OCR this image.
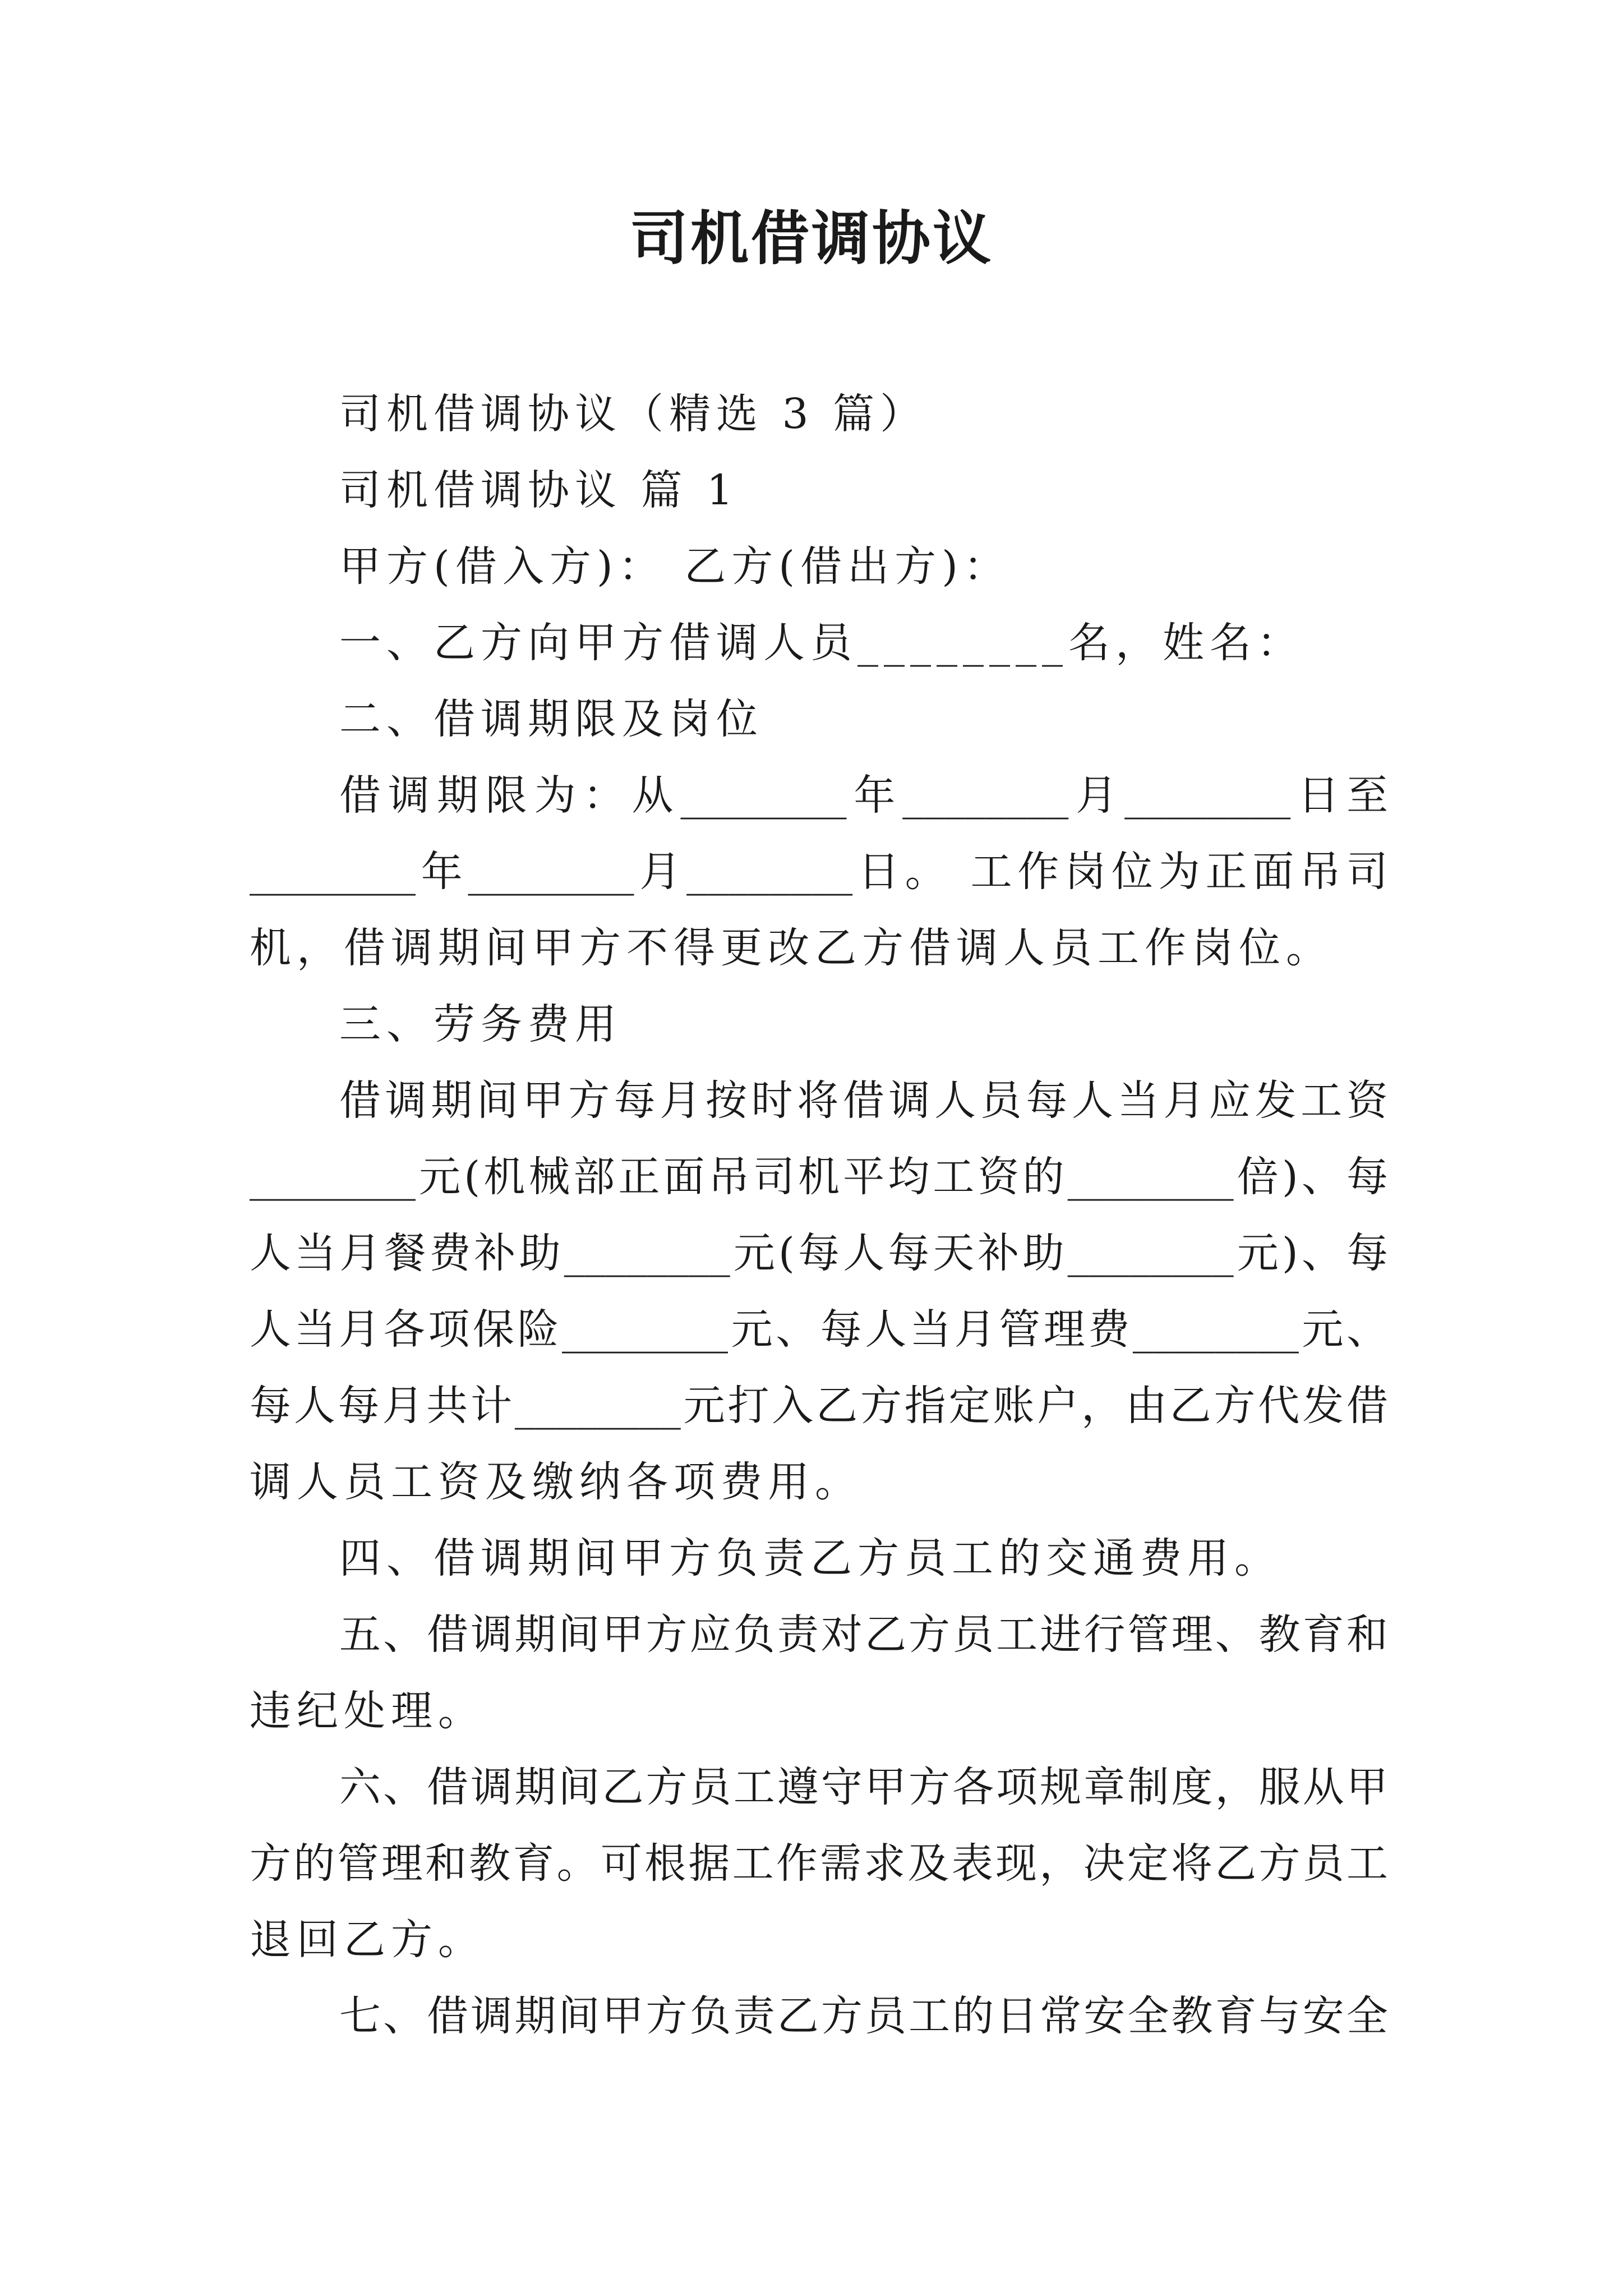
司机借调协议
司机借调协议（精选 3 篇）
司机借调协议 篇 1
甲方(借入方)： 乙方(借出方)：
一、乙方向甲方借调人员________名，姓名：
二、借调期限及岗位
借 调 期 限 为 ： 从 ________ 年 ________ 月 ________ 日 至
________ 年 ________ 月 ________ 日 。
工 作 岗 位 为 正 面 吊 司
机，借调期间甲方不得更改乙方借调人员工作岗位。
三、劳务费用
借 调 期 间 甲 方 每 月 按 时 将 借 调 人 员 每 人 当 月 应 发 工 资
________ 元 ( 机 械 部 正 面 吊 司 机 平 均 工 资 的 ________ 倍 ) 、 每
人 当 月 餐 费 补 助 ________ 元 ( 每 人 每 天 补 助 ________ 元 ) 、 每
人 当 月 各 项 保 险 ________ 元 、 每 人 当 月 管 理 费 ________ 元 、
每 人 每 月 共 计 ________ 元 打 入 乙 方 指 定 账 户 ， 由 乙 方 代 发 借
调人员工资及缴纳各项费用。
四、借调期间甲方负责乙方员工的交通费用。
五 、 借 调 期 间 甲 方 应 负 责 对 乙 方 员 工 进 行 管 理 、 教 育 和
违纪处理。
六 、 借 调 期 间 乙 方 员 工 遵 守 甲 方 各 项 规 章 制 度 ， 服 从 甲
方 的 管 理 和 教 育 。 可 根 据 工 作 需 求 及 表 现 ， 决 定 将 乙 方 员 工
退回乙方。
七 、 借 调 期 间 甲 方 负 责 乙 方 员 工 的 日 常 安 全 教 育 与 安 全
